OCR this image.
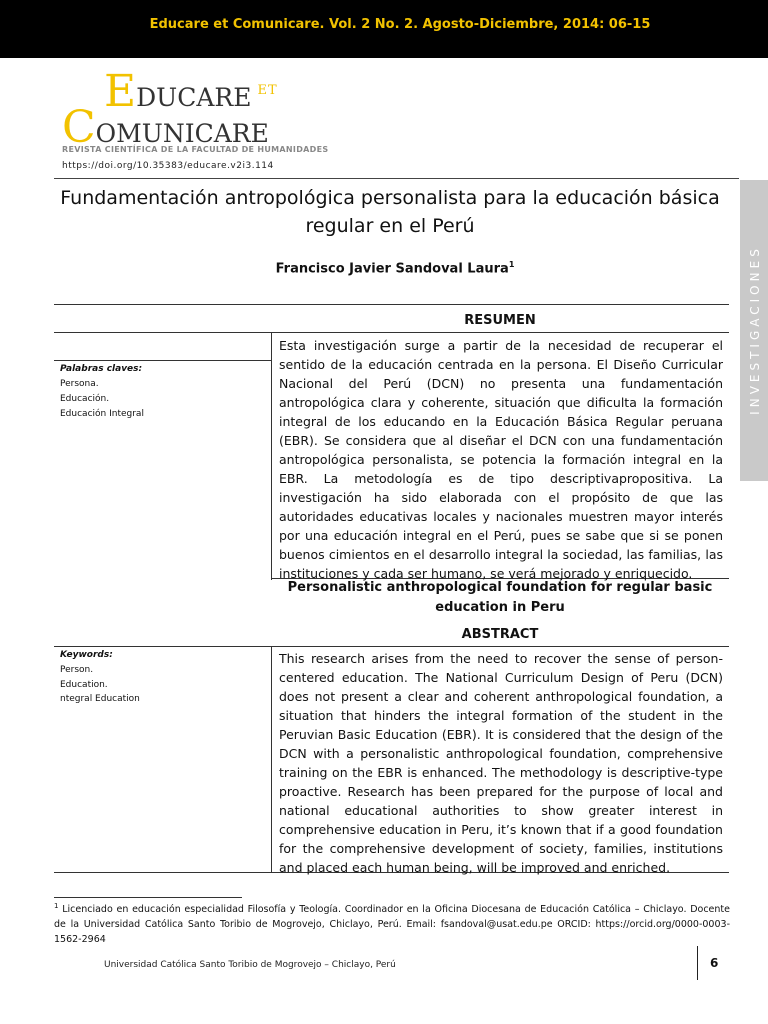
Educare et Comunicare. Vol. 2 No. 2. Agosto-Diciembre, 2014: 06-15
EDUCARE $^{ET}$
COMUNICARE
REVISTA CIENTÍFICA DE LA FACULTAD DE HUMANIDADES
https://doi.org/10.35383/educare.v2i3.114
INVESTIGACIONES
Fundamentación antropológica personalista para la educación básica regular en el Perú
Francisco Javier Sandoval Laura$^1$
RESUMEN
Palabras claves:
Persona.
Educación.
Educación Integral
Esta investigación surge a partir de la necesidad de recuperar el sentido de la educación centrada en la persona. El Diseño Curricular Nacional del Perú (DCN) no presenta una fundamentación antropológica clara y coherente, situación que dificulta la formación integral de los educando en la Educación Básica Regular peruana (EBR). Se considera que al diseñar el DCN con una fundamentación antropológica personalista, se potencia la formación integral en la EBR. La metodología es de tipo descriptivapropositiva. La investigación ha sido elaborada con el propósito de que las autoridades educativas locales y nacionales muestren mayor interés por una educación integral en el Perú, pues se sabe que si se ponen buenos cimientos en el desarrollo integral la sociedad, las familias, las instituciones y cada ser humano, se verá mejorado y enriquecido.
Personalistic anthropological foundation for regular basic education in Peru
ABSTRACT
Keywords:
Person.
Education.
ntegral Education
This research arises from the need to recover the sense of person-centered education. The National Curriculum Design of Peru (DCN) does not present a clear and coherent anthropological foundation, a situation that hinders the integral formation of the student in the Peruvian Basic Education (EBR). It is considered that the design of the DCN with a personalistic anthropological foundation, comprehensive training on the EBR is enhanced. The methodology is descriptive-type proactive. Research has been prepared for the purpose of local and national educational authorities to show greater interest in comprehensive education in Peru, it’s known that if a good foundation for the comprehensive development of society, families, institutions and placed each human being, will be improved and enriched.
$^1$ Licenciado en educación especialidad Filosofía y Teología. Coordinador en la Oficina Diocesana de Educación Católica – Chiclayo. Docente de la Universidad Católica Santo Toribio de Mogrovejo, Chiclayo, Perú. Email: fsandoval@usat.edu.pe ORCID: https://orcid.org/0000-0003-1562-2964
Universidad Católica Santo Toribio de Mogrovejo – Chiclayo, Perú	6
